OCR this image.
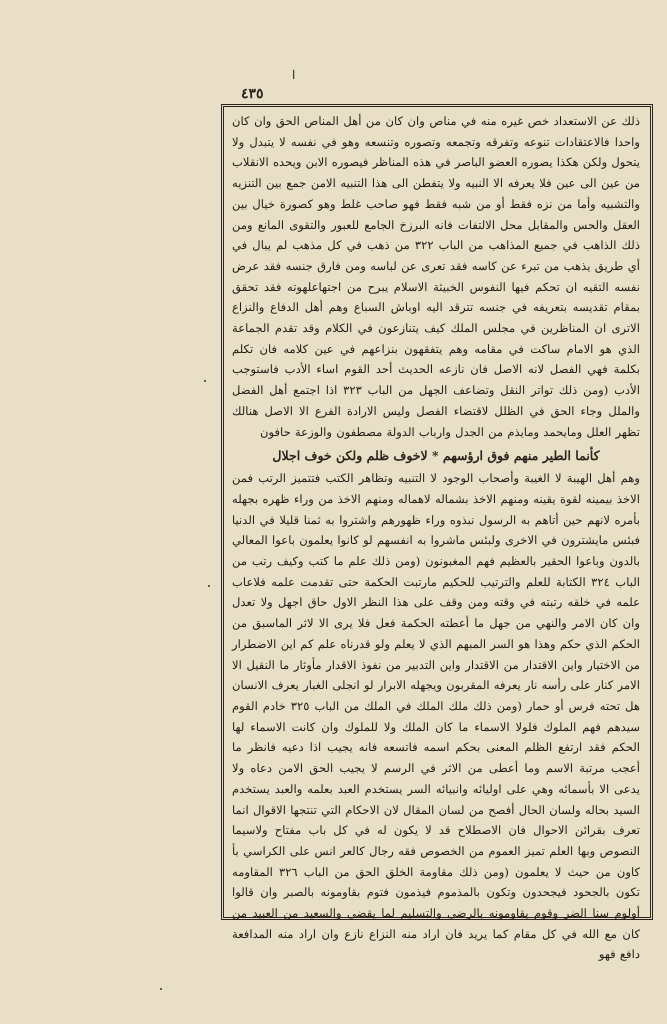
ا
٤٣٥

ذلك عن الاستعداد خص غيره منه في مناص وان كان من أهل المناص الحق وان كان واحدا فالاعتقادات تنوعه وتفرقه وتجمعه وتصوره وتنسعه وهو في نفسه لا يتبدل ولا يتحول ولكن هكذا يصوره العضو الباصر في هذه المناظر فيصوره الابن ويحده الانقلاب من عين الى عين فلا يعرفه الا النبيه ولا يتفطن الى هذا التنبيه الامن جمع بين التنزيه والتشبيه وأما من نزه فقط أو من شبه فقط فهو صاحب غلط وهو كصورة خيال بين العقل والحس والمقابل محل الالتفات فانه البرزخ الجامع للعبور والتقوى المانع ومن ذلك الذاهب في جميع المذاهب من الباب ٣٢٢ من ذهب في كل مذهب لم يبال في أي طريق يذهب من تبرء عن كاسه فقد تعرى عن لباسه ومن فارق جنسه فقد عرض نفسه التقيه ان تحكم فيها النفوس الخبيثة الاسلام يبرح من اجتهاعلهوته فقد تحقق بمقام تقديسه بتعريفه في جنسه تترقد اليه اوباش السباع وهم أهل الدفاع والنزاع الاترى ان المناظرين في مجلس الملك كيف يتنازعون في الكلام وقد تقدم الجماعة الذي هو الامام ساكت في مقامه وهم يتفقهون بنزاعهم في عين كلامه فان تكلم بكلمة فهي الفصل لانه الاصل فان نازعه الحديث أحد القوم اساء الأدب فاستوجب الأدب (ومن ذلك تواتر النقل وتضاعف الجهل من الباب ٣٢٣ اذا اجتمع أهل الفضل والملل وجاء الحق في الظلل لاقتضاء الفصل وليس الارادة الفرع الا الاصل هنالك تظهر العلل ومايحمد ومايذم من الجدل وارباب الدولة مصطفون والوزعة حافون

كأنما الطير منهم فوق ارؤسهم * لاخوف ظلم ولكن خوف اجلال

وهم أهل الهيبة لا الغيبة وأصحاب الوجود لا التنبيه وتظاهر الكتب فتتميز الرتب فمن الاخذ بيمينه لقوة يقينه ومنهم الاخذ بشماله لاهماله ومنهم الاخذ من وراء ظهره بجهله بأمره لانهم حين أتاهم به الرسول نبذوه وراء ظهورهم واشتروا به ثمنا قليلا في الدنيا فبئس مايشترون في الاخرى ولبئس ماشروا به انفسهم لو كانوا يعلمون باعوا المعالي بالدون وباعوا الحقير بالعظيم فهم المغبونون (ومن ذلك علم ما كتب وكيف رتب من الباب ٣٢٤ الكتابة للعلم والترتيب للحكيم مارتبت الحكمة حتى تقدمت علمه فلاعاب علمه في خلقه رتبته في وقته ومن وقف على هذا النظر الاول حاق اجهل ولا تعدل وان كان الامر والنهي من جهل ما أعطته الحكمة فعل فلا يرى الا لاثر الماسبق من الحكم الذي حكم وهذا هو السر المبهم الذي لا يعلم ولو قدرناه علم كم اين الاضطرار من الاختيار واين الاقتدار من الاقتدار واين التدبير من نفوذ الاقدار مأوثار ما النقيل الا الامر كنار على رأسه نار يعرفه المقربون ويجهله الابرار لو انجلى الغبار يعرف الانسان هل تحته فرس أو حمار (ومن ذلك ملك الملك في الملك من الباب ٣٢٥ خادم القوم سيدهم فهم الملوك فلولا الاسماء ما كان الملك ولا للملوك وان كانت الاسماء لها الحكم فقد ارتفع الظلم المعنى بحكم اسمه فاتسعه فانه يجيب اذا دعيه فانظر ما أعجب مرتبة الاسم وما أعطى من الاثر في الرسم لا يجيب الحق الامن دعاه ولا يدعى الا بأسمائه وهي على اوليائه وانبيائه السر يستخدم العبد بعلمه والعبد يستخدم السيد بحاله ولسان الحال أفصح من لسان المقال لان الاحكام التي تنتجها الاقوال انما تعرف بقرائن الاحوال فان الاصطلاح قد لا يكون له في كل باب مفتاح ولاسيما النصوص وبها العلم تميز العموم من الخصوص فقه رجال كالعر انس على الكراسي بأ كاون من حيث لا يعلمون (ومن ذلك مقاومة الخلق الحق من الباب ٣٢٦ المقاومه تكون بالجحود فيجحدون وتكون بالمذموم فيذمون فتوم بقاومونه بالصبر وان قالوا أولوم سنا الضر وقوم يقاومونه بالرضى والتسليم لما يقضي والسعيد من العبيد من كان مع الله في كل مقام كما يريد فان اراد منه النزاع نازع وان اراد منه المدافعة دافع فهو
